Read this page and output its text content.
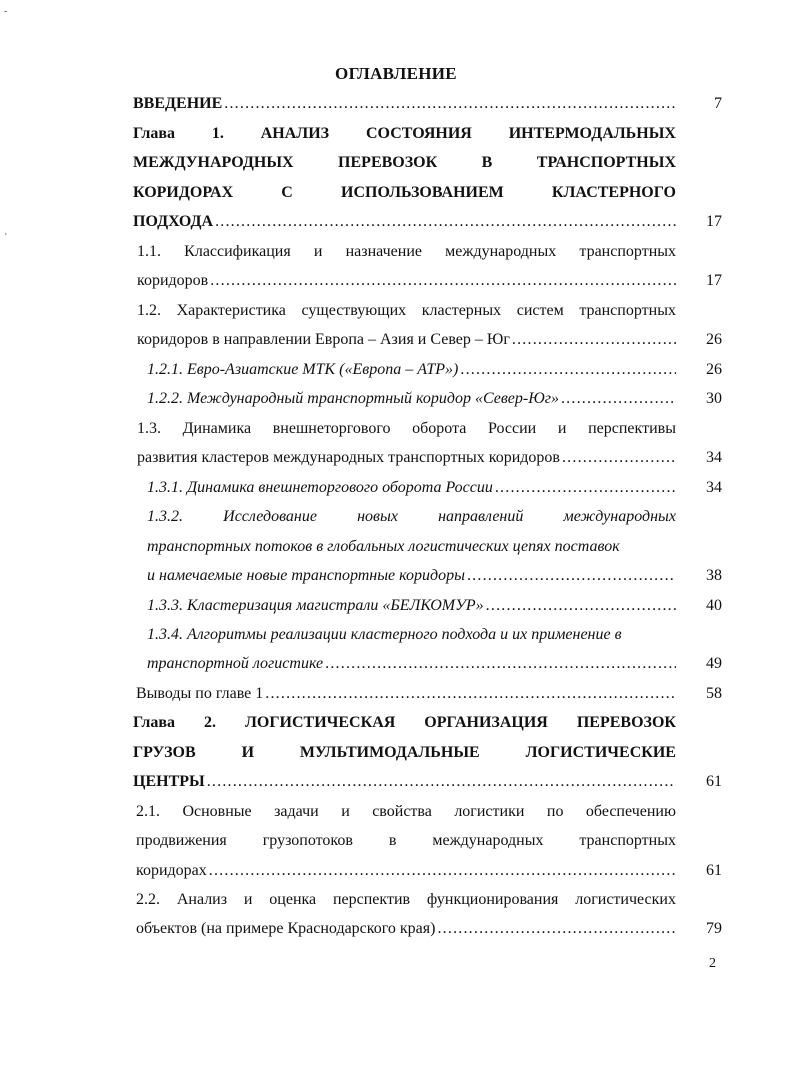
-
'
ОГЛАВЛЕНИЕ
ВВЕДЕНИЕ .....	7
Глава 1. АНАЛИЗ СОСТОЯНИЯ ИНТЕРМОДАЛЬНЫХ
МЕЖДУНАРОДНЫХ	ПЕРЕВОЗОК	В	ТРАНСПОРТНЫХ
КОРИДОРАХ	С	ИСПОЛЬЗОВАНИЕМ	КЛАСТЕРНОГО
ПОДХОДА .....	17
1.1. Классификация и назначение международных транспортных
коридоров .....	17
1.2. Характеристика существующих кластерных систем транспортных
коридоров в направлении Европа – Азия и Север – Юг .....	26
1.2.1. Евро-Азиатские МТК («Европа – АТР») .....	26
1.2.2. Международный транспортный коридор «Север-Юг» .....	30
1.3. Динамика внешнеторгового оборота России и перспективы
развития кластеров международных транспортных коридоров .....	34
1.3.1. Динамика внешнеторгового оборота России .....	34
1.3.2.	Исследование	новых	направлений	международных
транспортных потоков в глобальных логистических цепях поставок
и намечаемые новые транспортные коридоры .....	38
1.3.3. Кластеризация магистрали «БЕЛКОМУР» .....	40
1.3.4. Алгоритмы реализации кластерного подхода и их применение в
транспортной логистике .....	49
Выводы по главе 1 .....	58
Глава 2. ЛОГИСТИЧЕСКАЯ ОРГАНИЗАЦИЯ ПЕРЕВОЗОК
ГРУЗОВ	И	МУЛЬТИМОДАЛЬНЫЕ	ЛОГИСТИЧЕСКИЕ
ЦЕНТРЫ .....	61
2.1. Основные задачи и свойства логистики по обеспечению
продвижения грузопотоков в международных транспортных
коридорах .....	61
2.2. Анализ и оценка перспектив функционирования логистических
объектов (на примере Краснодарского края) .....	79
2
